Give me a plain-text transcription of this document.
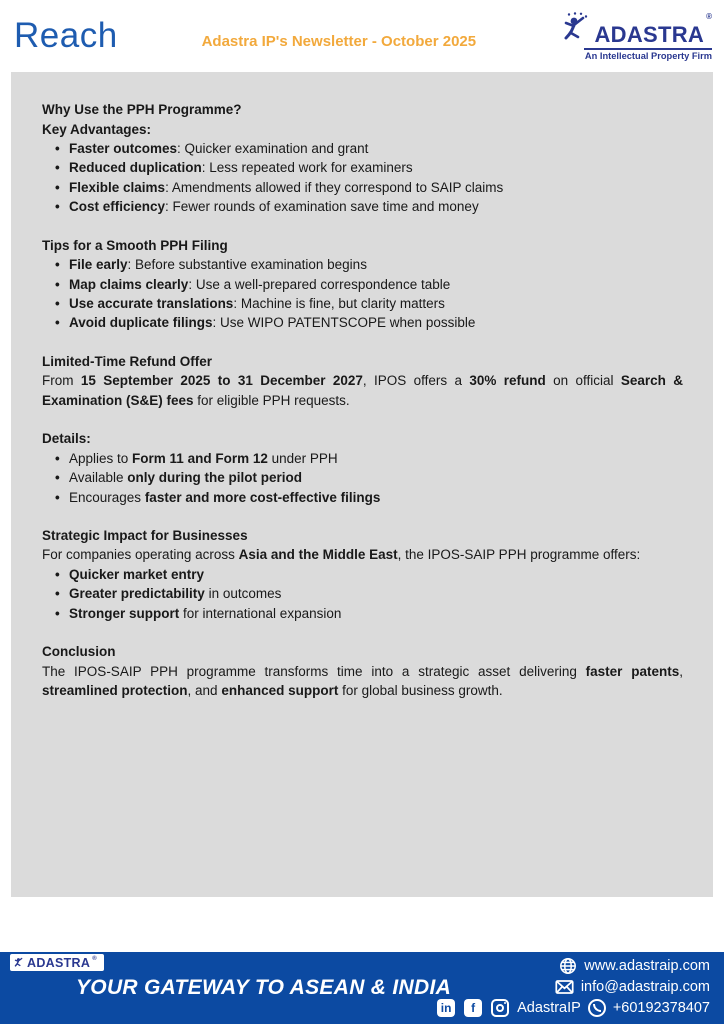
Reach	Adastra IP's Newsletter - October 2025	ADASTRA
®
An Intellectual Property Firm
Why Use the PPH Programme?
Key Advantages:
• Faster outcomes: Quicker examination and grant
• Reduced duplication: Less repeated work for examiners
• Flexible claims: Amendments allowed if they correspond to SAIP claims
• Cost efficiency: Fewer rounds of examination save time and money
Tips for a Smooth PPH Filing
• File early: Before substantive examination begins
• Map claims clearly: Use a well-prepared correspondence table
• Use accurate translations: Machine is fine, but clarity matters
• Avoid duplicate filings: Use WIPO PATENTSCOPE when possible
Limited-Time Refund Offer

From 15 September 2025 to 31 December 2027, IPOS offers a 30% refund on official Search & Examination (S&E) fees for eligible PPH requests.

Details:
• Applies to Form 11 and Form 12 under PPH
• Available only during the pilot period
• Encourages faster and more cost-effective filings
Strategic Impact for Businesses

For companies operating across Asia and the Middle East, the IPOS-SAIP PPH programme offers:

• Quicker market entry
• Greater predictability in outcomes
• Stronger support for international expansion
Conclusion

The IPOS-SAIP PPH programme transforms time into a strategic asset delivering faster patents, streamlined protection, and enhanced support for global business growth.

ADASTRA ®
YOUR GATEWAY TO ASEAN & INDIA
www.adastraip.com
info@adastraip.com
in	f	AdastraIP +60192378407
